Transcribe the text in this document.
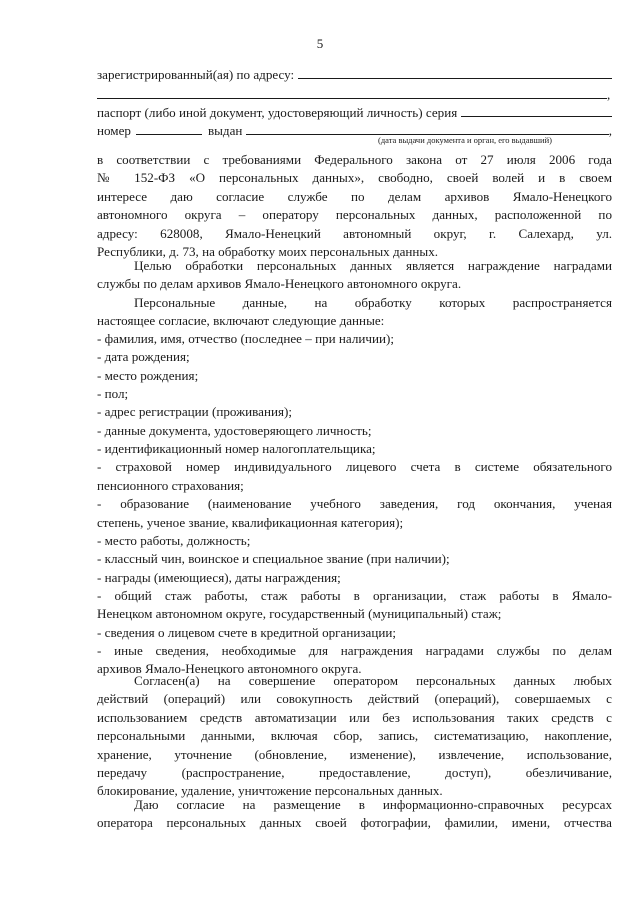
5
зарегистрированный(ая) по адресу:
,
паспорт (либо иной документ, удостоверяющий личность) серия
номер	выдан	,
(дата выдачи документа и орган, его выдавший)
в соответствии с требованиями Федерального закона от 27 июля 2006 года
№ 152-ФЗ «О персональных данных», свободно, своей волей и в своем
интересе даю согласие службе по делам архивов Ямало-Ненецкого
автономного округа – оператору персональных данных, расположенной по
адресу: 628008, Ямало-Ненецкий автономный округ, г. Салехард, ул.
Республики, д. 73, на обработку моих персональных данных.
Целью обработки персональных данных является награждение наградами
службы по делам архивов Ямало-Ненецкого автономного округа.
Персональные данные, на обработку которых распространяется
настоящее согласие, включают следующие данные:
- фамилия, имя, отчество (последнее – при наличии);
- дата рождения;
- место рождения;
- пол;
- адрес регистрации (проживания);
- данные документа, удостоверяющего личность;
- идентификационный номер налогоплательщика;
- страховой номер индивидуального лицевого счета в системе обязательного
пенсионного страхования;
- образование (наименование учебного заведения, год окончания, ученая
степень, ученое звание, квалификационная категория);
- место работы, должность;
- классный чин, воинское и специальное звание (при наличии);
- награды (имеющиеся), даты награждения;
- общий стаж работы, стаж работы в организации, стаж работы в Ямало-
Ненецком автономном округе, государственный (муниципальный) стаж;
- сведения о лицевом счете в кредитной организации;
- иные сведения, необходимые для награждения наградами службы по делам
архивов Ямало-Ненецкого автономного округа.
Согласен(а) на совершение оператором персональных данных любых
действий (операций) или совокупность действий (операций), совершаемых с
использованием средств автоматизации или без использования таких средств с
персональными данными, включая сбор, запись, систематизацию, накопление,
хранение, уточнение (обновление, изменение), извлечение, использование,
передачу (распространение, предоставление, доступ), обезличивание,
блокирование, удаление, уничтожение персональных данных.
Даю согласие на размещение в информационно-справочных ресурсах
оператора персональных данных своей фотографии, фамилии, имени, отчества
